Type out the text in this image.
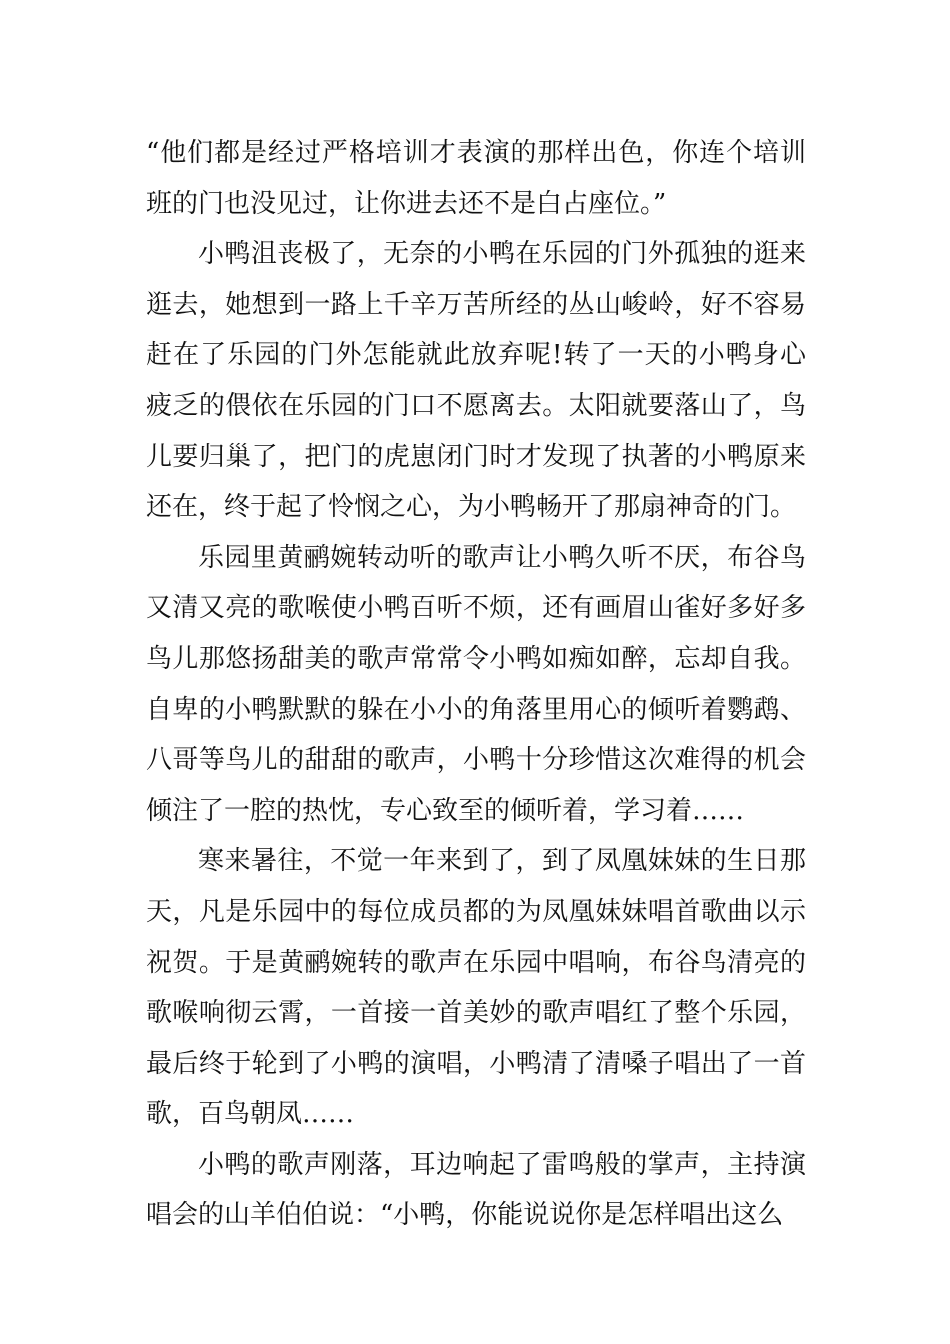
“他们都是经过严格培训才表演的那样出色，你连个培训班的门也没见过，让你进去还不是白占座位。”

小鸭沮丧极了，无奈的小鸭在乐园的门外孤独的逛来逛去，她想到一路上千辛万苦所经的丛山峻岭，好不容易赶在了乐园的门外怎能就此放弃呢!转了一天的小鸭身心疲乏的偎依在乐园的门口不愿离去。太阳就要落山了，鸟儿要归巢了，把门的虎崽闭门时才发现了执著的小鸭原来还在，终于起了怜悯之心，为小鸭畅开了那扇神奇的门。

乐园里黄鹂婉转动听的歌声让小鸭久听不厌，布谷鸟又清又亮的歌喉使小鸭百听不烦，还有画眉山雀好多好多鸟儿那悠扬甜美的歌声常常令小鸭如痴如醉，忘却自我。自卑的小鸭默默的躲在小小的角落里用心的倾听着鹦鹉、八哥等鸟儿的甜甜的歌声，小鸭十分珍惜这次难得的机会倾注了一腔的热忱，专心致至的倾听着，学习着……

寒来暑往，不觉一年来到了，到了凤凰妹妹的生日那天，凡是乐园中的每位成员都的为凤凰妹妹唱首歌曲以示祝贺。于是黄鹂婉转的歌声在乐园中唱响，布谷鸟清亮的歌喉响彻云霄，一首接一首美妙的歌声唱红了整个乐园，最后终于轮到了小鸭的演唱，小鸭清了清嗓子唱出了一首歌，百鸟朝凤……

小鸭的歌声刚落，耳边响起了雷鸣般的掌声，主持演唱会的山羊伯伯说：“小鸭，你能说说你是怎样唱出这么
